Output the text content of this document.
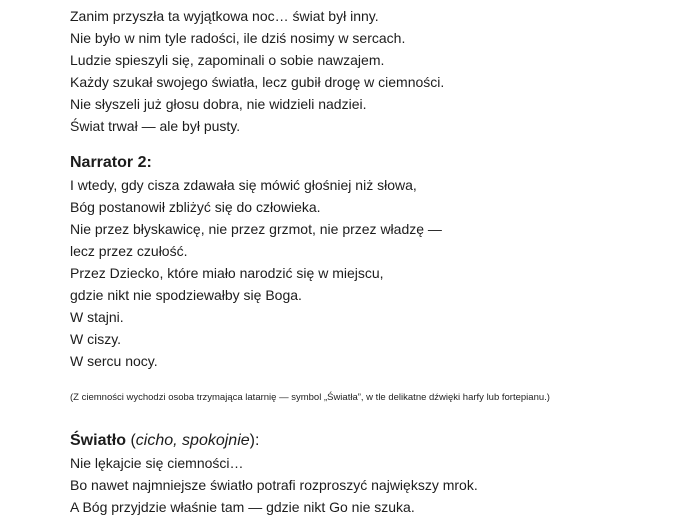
Zanim przyszła ta wyjątkowa noc… świat był inny.
Nie było w nim tyle radości, ile dziś nosimy w sercach.
Ludzie spieszyli się, zapominali o sobie nawzajem.
Każdy szukał swojego światła, lecz gubił drogę w ciemności.
Nie słyszeli już głosu dobra, nie widzieli nadziei.
Świat trwał — ale był pusty.
Narrator 2:
I wtedy, gdy cisza zdawała się mówić głośniej niż słowa,
Bóg postanowił zbliżyć się do człowieka.
Nie przez błyskawicę, nie przez grzmot, nie przez władzę —
lecz przez czułość.
Przez Dziecko, które miało narodzić się w miejscu,
gdzie nikt nie spodziewałby się Boga.
W stajni.
W ciszy.
W sercu nocy.
(Z ciemności wychodzi osoba trzymająca latarnię — symbol „Światła”, w tle delikatne dźwięki harfy lub fortepianu.)
Światło (cicho, spokojnie):
Nie lękajcie się ciemności…
Bo nawet najmniejsze światło potrafi rozproszyć największy mrok.
A Bóg przyjdzie właśnie tam — gdzie nikt Go nie szuka.
